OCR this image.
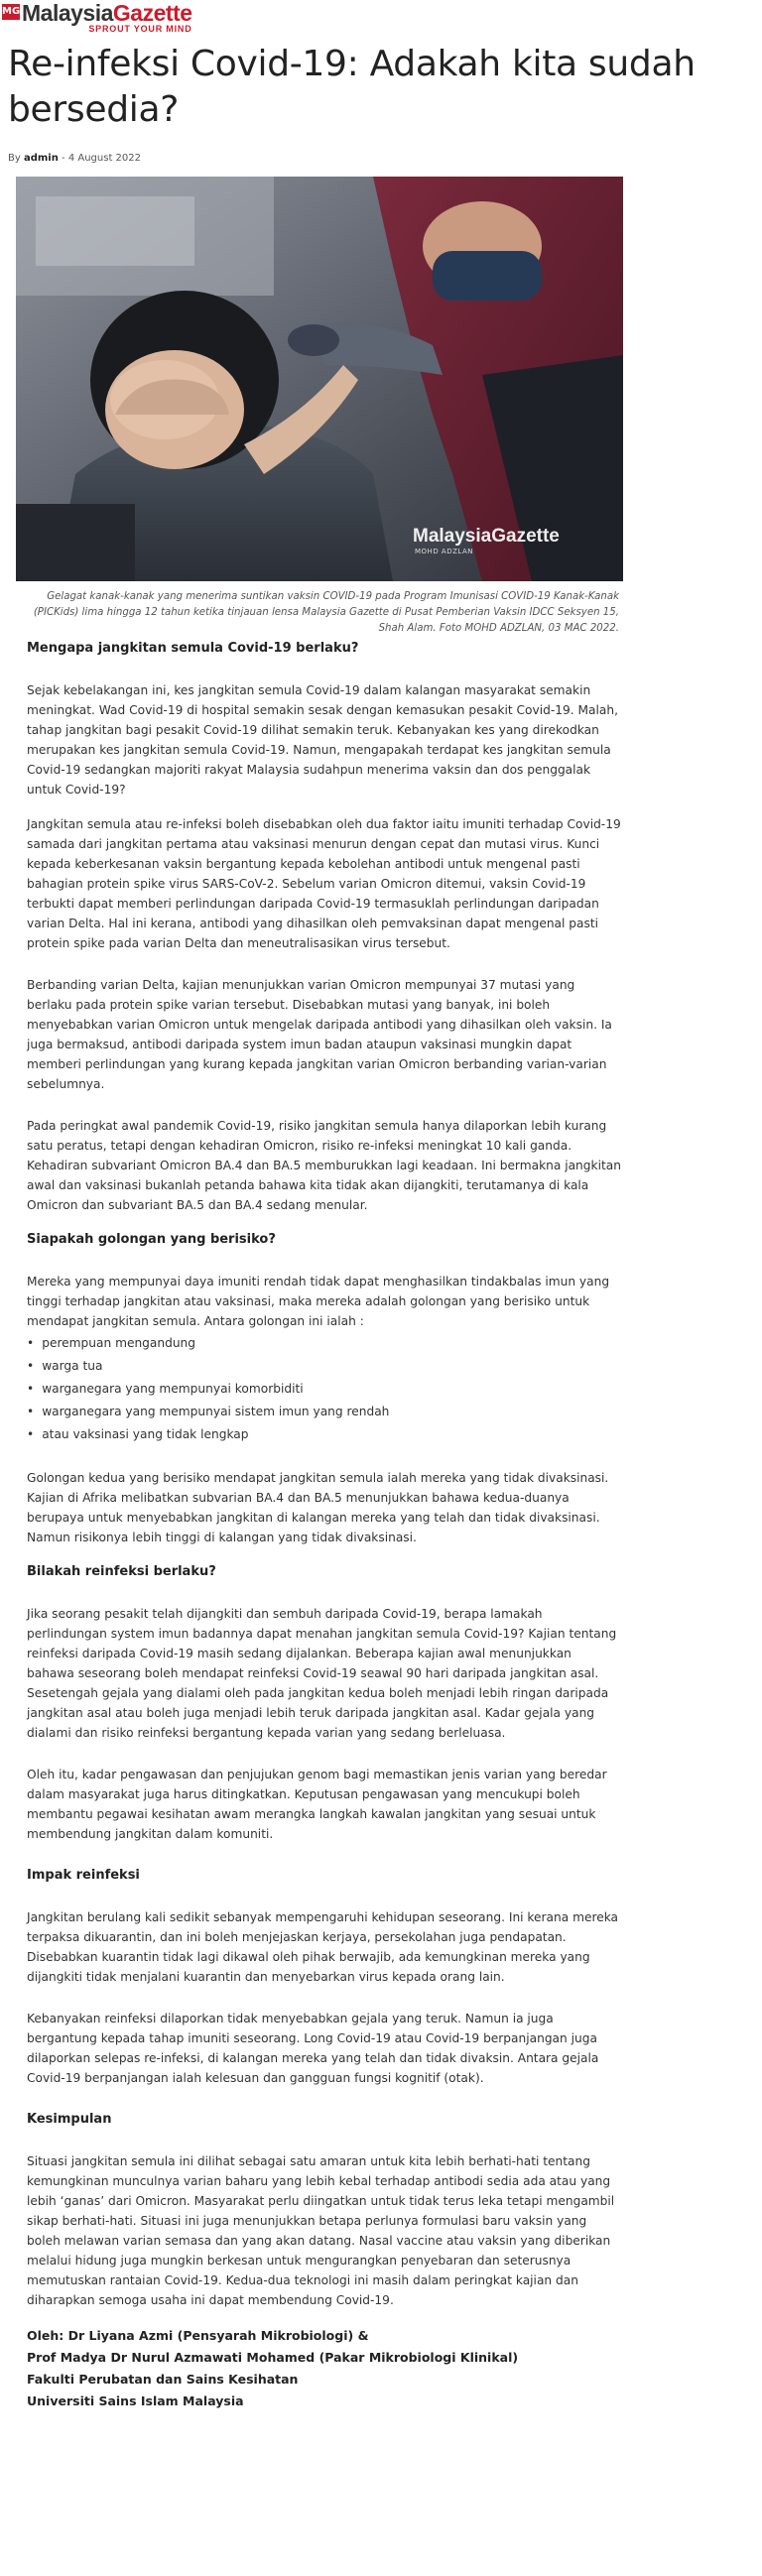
MG MalaysiaGazette
SPROUT YOUR MIND
Re-infeksi Covid-19: Adakah kita sudah bersedia?
By admin - 4 August 2022
MalaysiaGazette
MOHD ADZLAN
Gelagat kanak-kanak yang menerima suntikan vaksin COVID-19 pada Program Imunisasi COVID-19 Kanak-Kanak (PICKids) lima hingga 12 tahun ketika tinjauan lensa Malaysia Gazette di Pusat Pemberian Vaksin IDCC Seksyen 15, Shah Alam. Foto MOHD ADZLAN, 03 MAC 2022.
Mengapa jangkitan semula Covid-19 berlaku?

Sejak kebelakangan ini, kes jangkitan semula Covid-19 dalam kalangan masyarakat semakin meningkat. Wad Covid-19 di hospital semakin sesak dengan kemasukan pesakit Covid-19. Malah, tahap jangkitan bagi pesakit Covid-19 dilihat semakin teruk. Kebanyakan kes yang direkodkan merupakan kes jangkitan semula Covid-19. Namun, mengapakah terdapat kes jangkitan semula Covid-19 sedangkan majoriti rakyat Malaysia sudahpun menerima vaksin dan dos penggalak untuk Covid-19?

Jangkitan semula atau re-infeksi boleh disebabkan oleh dua faktor iaitu imuniti terhadap Covid-19 samada dari jangkitan pertama atau vaksinasi menurun dengan cepat dan mutasi virus. Kunci kepada keberkesanan vaksin bergantung kepada kebolehan antibodi untuk mengenal pasti bahagian protein spike virus SARS-CoV-2. Sebelum varian Omicron ditemui, vaksin Covid-19 terbukti dapat memberi perlindungan daripada Covid-19 termasuklah perlindungan daripadan varian Delta. Hal ini kerana, antibodi yang dihasilkan oleh pemvaksinan dapat mengenal pasti protein spike pada varian Delta dan meneutralisasikan virus tersebut.

Berbanding varian Delta, kajian menunjukkan varian Omicron mempunyai 37 mutasi yang berlaku pada protein spike varian tersebut. Disebabkan mutasi yang banyak, ini boleh menyebabkan varian Omicron untuk mengelak daripada antibodi yang dihasilkan oleh vaksin. Ia juga bermaksud, antibodi daripada system imun badan ataupun vaksinasi mungkin dapat memberi perlindungan yang kurang kepada jangkitan varian Omicron berbanding varian-varian sebelumnya.

Pada peringkat awal pandemik Covid-19, risiko jangkitan semula hanya dilaporkan lebih kurang satu peratus, tetapi dengan kehadiran Omicron, risiko re-infeksi meningkat 10 kali ganda. Kehadiran subvariant Omicron BA.4 dan BA.5 memburukkan lagi keadaan. Ini bermakna jangkitan awal dan vaksinasi bukanlah petanda bahawa kita tidak akan dijangkiti, terutamanya di kala Omicron dan subvariant BA.5 dan BA.4 sedang menular.

Siapakah golongan yang berisiko?

Mereka yang mempunyai daya imuniti rendah tidak dapat menghasilkan tindakbalas imun yang tinggi terhadap jangkitan atau vaksinasi, maka mereka adalah golongan yang berisiko untuk mendapat jangkitan semula. Antara golongan ini ialah :

• perempuan mengandung
• warga tua
• warganegara yang mempunyai komorbiditi
• warganegara yang mempunyai sistem imun yang rendah
• atau vaksinasi yang tidak lengkap

Golongan kedua yang berisiko mendapat jangkitan semula ialah mereka yang tidak divaksinasi. Kajian di Afrika melibatkan subvarian BA.4 dan BA.5 menunjukkan bahawa kedua-duanya berupaya untuk menyebabkan jangkitan di kalangan mereka yang telah dan tidak divaksinasi. Namun risikonya lebih tinggi di kalangan yang tidak divaksinasi.

Bilakah reinfeksi berlaku?

Jika seorang pesakit telah dijangkiti dan sembuh daripada Covid-19, berapa lamakah perlindungan system imun badannya dapat menahan jangkitan semula Covid-19? Kajian tentang reinfeksi daripada Covid-19 masih sedang dijalankan. Beberapa kajian awal menunjukkan bahawa seseorang boleh mendapat reinfeksi Covid-19 seawal 90 hari daripada jangkitan asal. Sesetengah gejala yang dialami oleh pada jangkitan kedua boleh menjadi lebih ringan daripada jangkitan asal atau boleh juga menjadi lebih teruk daripada jangkitan asal. Kadar gejala yang dialami dan risiko reinfeksi bergantung kepada varian yang sedang berleluasa.

Oleh itu, kadar pengawasan dan penjujukan genom bagi memastikan jenis varian yang beredar dalam masyarakat juga harus ditingkatkan. Keputusan pengawasan yang mencukupi boleh membantu pegawai kesihatan awam merangka langkah kawalan jangkitan yang sesuai untuk membendung jangkitan dalam komuniti.

Impak reinfeksi

Jangkitan berulang kali sedikit sebanyak mempengaruhi kehidupan seseorang. Ini kerana mereka terpaksa dikuarantin, dan ini boleh menjejaskan kerjaya, persekolahan juga pendapatan. Disebabkan kuarantin tidak lagi dikawal oleh pihak berwajib, ada kemungkinan mereka yang dijangkiti tidak menjalani kuarantin dan menyebarkan virus kepada orang lain.

Kebanyakan reinfeksi dilaporkan tidak menyebabkan gejala yang teruk. Namun ia juga bergantung kepada tahap imuniti seseorang. Long Covid-19 atau Covid-19 berpanjangan juga dilaporkan selepas re-infeksi, di kalangan mereka yang telah dan tidak divaksin. Antara gejala Covid-19 berpanjangan ialah kelesuan dan gangguan fungsi kognitif (otak).

Kesimpulan

Situasi jangkitan semula ini dilihat sebagai satu amaran untuk kita lebih berhati-hati tentang kemungkinan munculnya varian baharu yang lebih kebal terhadap antibodi sedia ada atau yang lebih ‘ganas’ dari Omicron. Masyarakat perlu diingatkan untuk tidak terus leka tetapi mengambil sikap berhati-hati. Situasi ini juga menunjukkan betapa perlunya formulasi baru vaksin yang boleh melawan varian semasa dan yang akan datang. Nasal vaccine atau vaksin yang diberikan melalui hidung juga mungkin berkesan untuk mengurangkan penyebaran dan seterusnya memutuskan rantaian Covid-19. Kedua-dua teknologi ini masih dalam peringkat kajian dan diharapkan semoga usaha ini dapat membendung Covid-19.

Oleh: Dr Liyana Azmi (Pensyarah Mikrobiologi) &
Prof Madya Dr Nurul Azmawati Mohamed (Pakar Mikrobiologi Klinikal)
Fakulti Perubatan dan Sains Kesihatan
Universiti Sains Islam Malaysia
